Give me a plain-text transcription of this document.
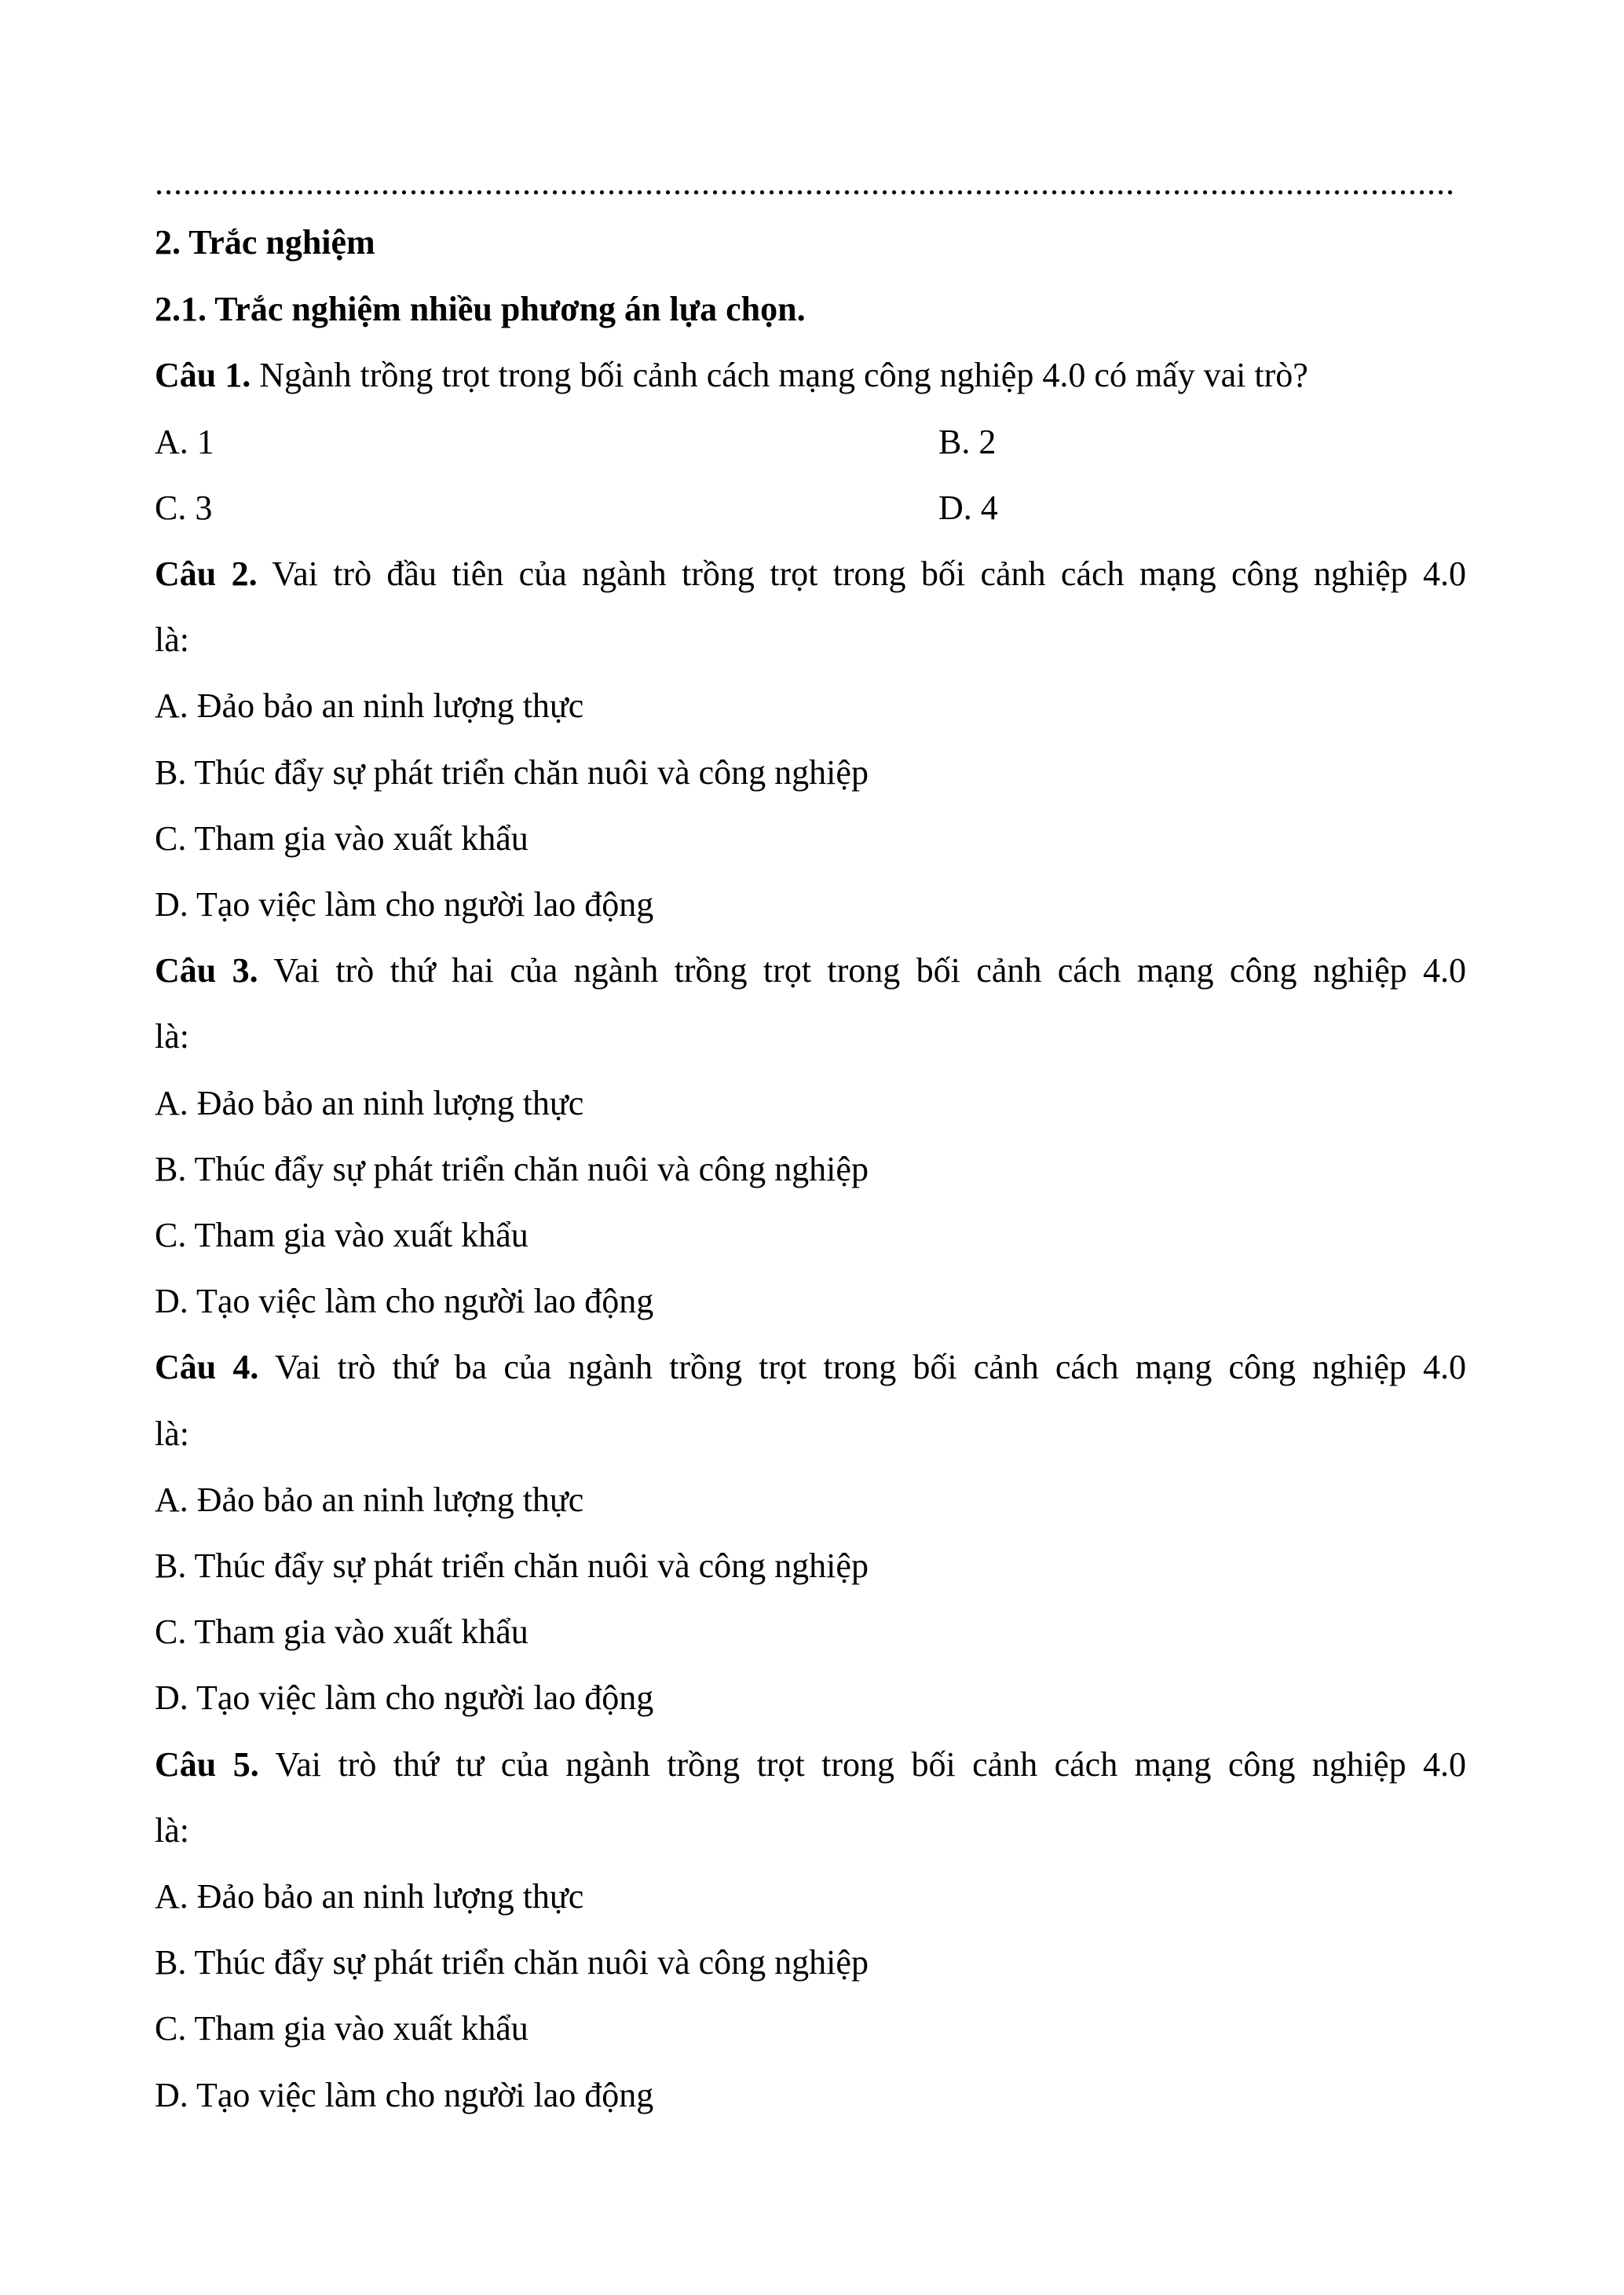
..........................................................................................................................................
2. Trắc nghiệm
2.1. Trắc nghiệm nhiều phương án lựa chọn.
Câu 1. Ngành trồng trọt trong bối cảnh cách mạng công nghiệp 4.0 có mấy vai trò?
A. 1	B. 2
C. 3	D. 4
Câu 2. Vai trò đầu tiên của ngành trồng trọt trong bối cảnh cách mạng công nghiệp 4.0
là:
A. Đảo bảo an ninh lượng thực
B. Thúc đẩy sự phát triển chăn nuôi và công nghiệp
C. Tham gia vào xuất khẩu
D. Tạo việc làm cho người lao động
Câu 3. Vai trò thứ hai của ngành trồng trọt trong bối cảnh cách mạng công nghiệp 4.0
là:
A. Đảo bảo an ninh lượng thực
B. Thúc đẩy sự phát triển chăn nuôi và công nghiệp
C. Tham gia vào xuất khẩu
D. Tạo việc làm cho người lao động
Câu 4. Vai trò thứ ba của ngành trồng trọt trong bối cảnh cách mạng công nghiệp 4.0
là:
A. Đảo bảo an ninh lượng thực
B. Thúc đẩy sự phát triển chăn nuôi và công nghiệp
C. Tham gia vào xuất khẩu
D. Tạo việc làm cho người lao động
Câu 5. Vai trò thứ tư của ngành trồng trọt trong bối cảnh cách mạng công nghiệp 4.0
là:
A. Đảo bảo an ninh lượng thực
B. Thúc đẩy sự phát triển chăn nuôi và công nghiệp
C. Tham gia vào xuất khẩu
D. Tạo việc làm cho người lao động
